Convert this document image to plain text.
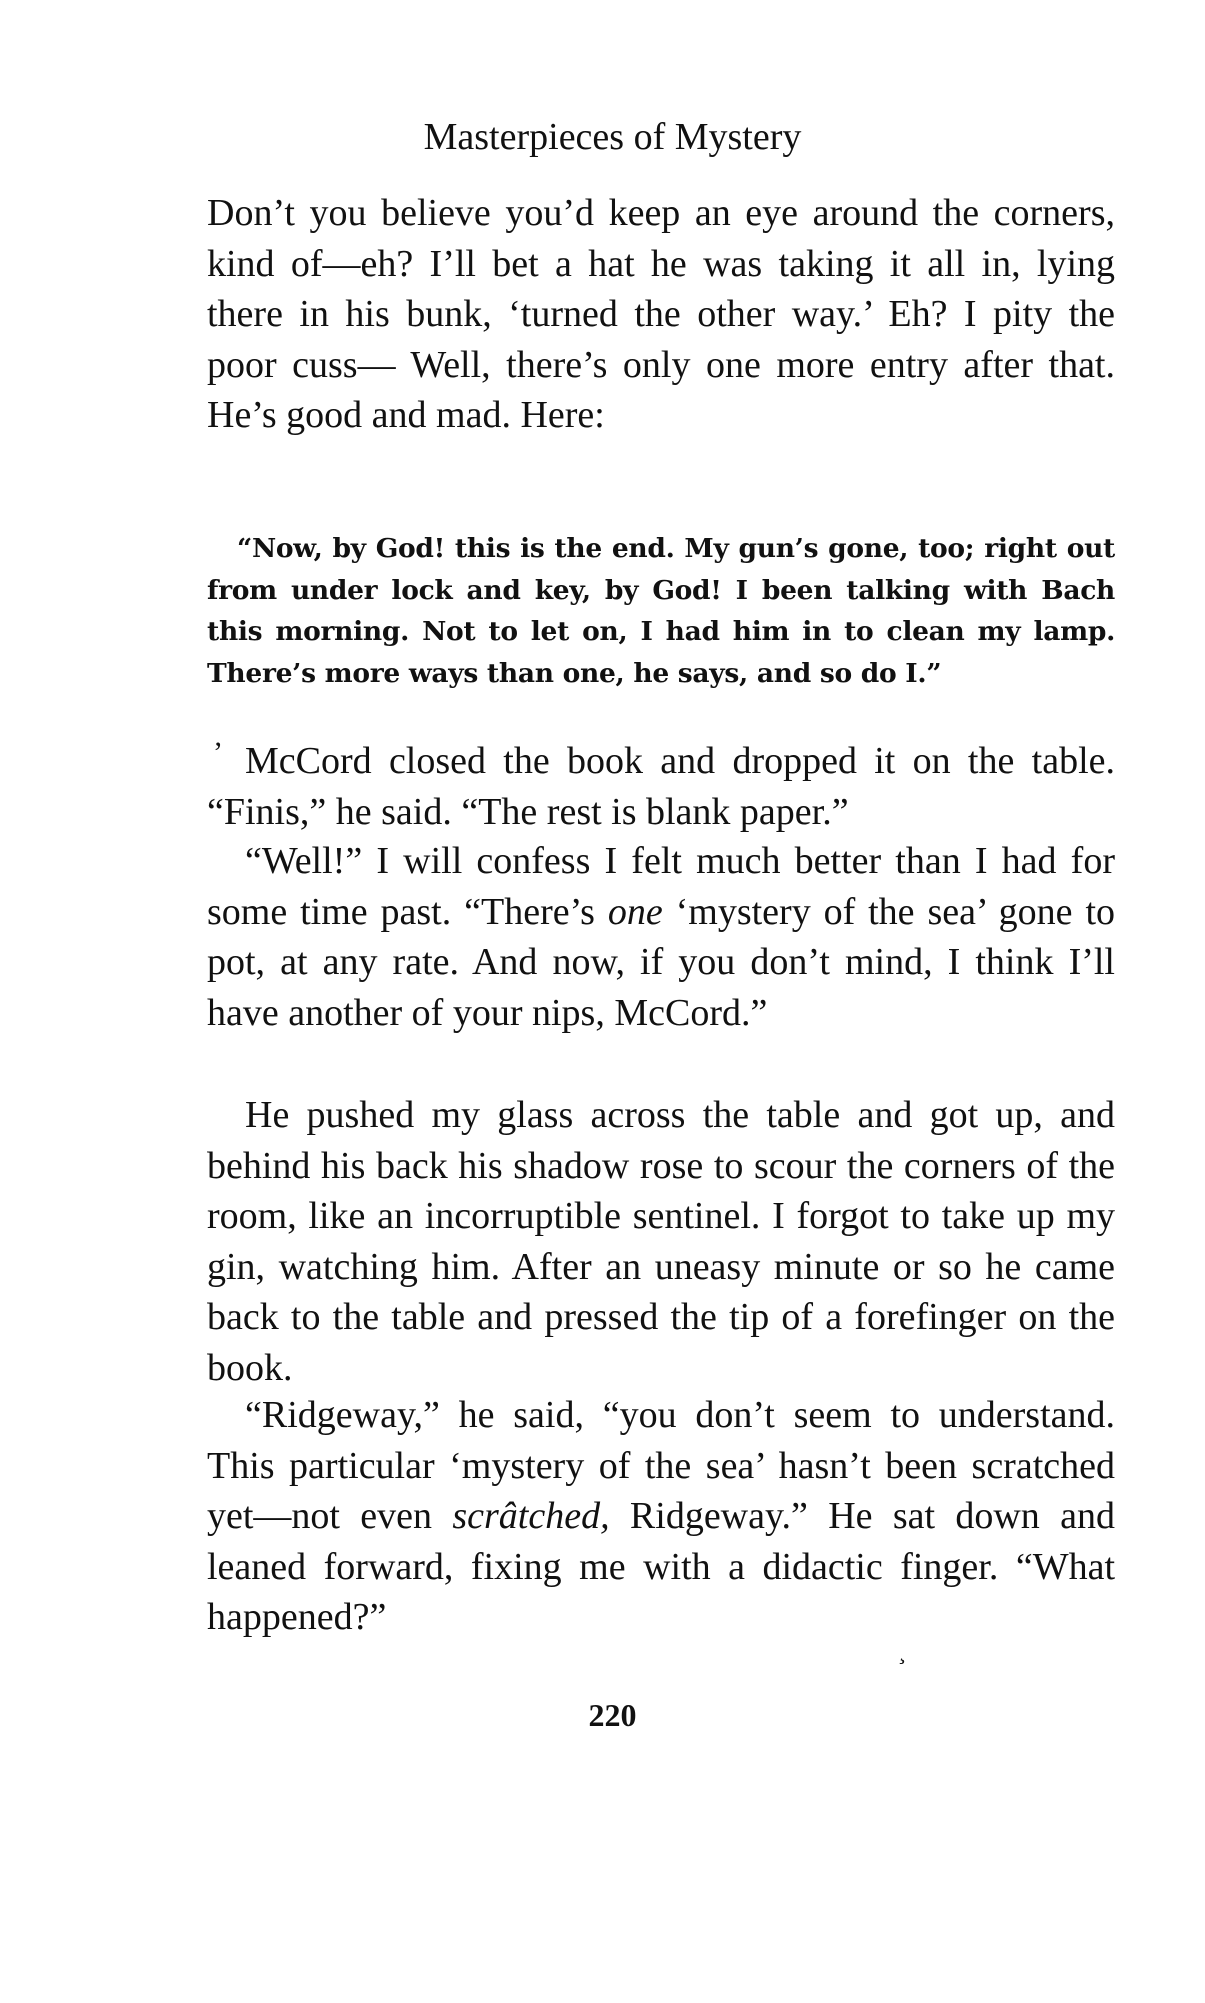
Masterpieces of Mystery

Don’t you believe you’d keep an eye around the corners, kind of—eh? I’ll bet a hat he was taking it all in, lying there in his bunk, ‘turned the other way.’ Eh? I pity the poor cuss— Well, there’s only one more entry after that. He’s good and mad. Here:

“Now, by God! this is the end. My gun’s gone, too; right out from under lock and key, by God! I been talking with Bach this morning. Not to let on, I had him in to clean my lamp. There’s more ways than one, he says, and so do I.”

’ McCord closed the book and dropped it on the table. “Finis,” he said. “The rest is blank paper.”

“Well!” I will confess I felt much better than I had for some time past. “There’s one ‘mystery of the sea’ gone to pot, at any rate. And now, if you don’t mind, I think I’ll have another of your nips, McCord.”

He pushed my glass across the table and got up, and behind his back his shadow rose to scour the corners of the room, like an incorruptible sentinel. I forgot to take up my gin, watching him. After an uneasy minute or so he came back to the table and pressed the tip of a forefinger on the book.

“Ridgeway,” he said, “you don’t seem to understand. This particular ‘mystery of the sea’ hasn’t been scratched yet—not even scrâtched, Ridgeway.” He sat down and leaned forward, fixing me with a didactic finger. “What happened?”

¸
220
